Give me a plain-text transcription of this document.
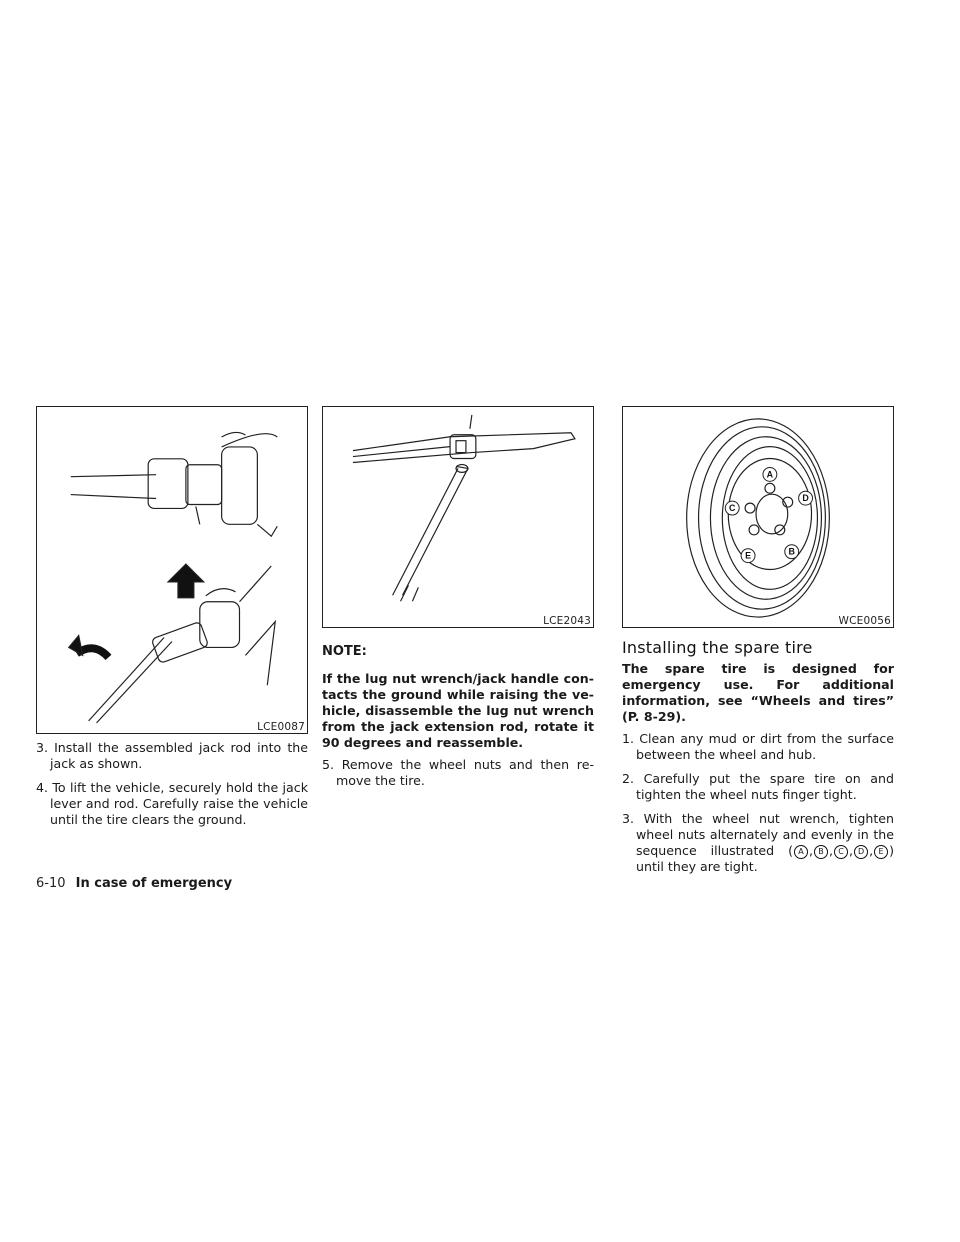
LCE0087

3. Install the assembled jack rod into the jack as shown.

4. To lift the vehicle, securely hold the jack lever and rod. Carefully raise the vehicle until the tire clears the ground.

LCE2043
NOTE:

If the lug nut wrench/jack handle con- tacts the ground while raising the ve- hicle, disassemble the lug nut wrench from the jack extension rod, rotate it 90 degrees and reassemble.

5. Remove the wheel nuts and then re- move the tire.

A
B
C
D
E
WCE0056
Installing the spare tire

The spare tire is designed for emergency use. For additional information, see “Wheels and tires” (P. 8-29).

1. Clean any mud or dirt from the surface between the wheel and hub.

2. Carefully put the spare tire on and tighten the wheel nuts finger tight.

3. With the wheel nut wrench, tighten wheel nuts alternately and evenly in the sequence illustrated ( A , B , C , D , E ) until they are tight.

6-10 In case of emergency
